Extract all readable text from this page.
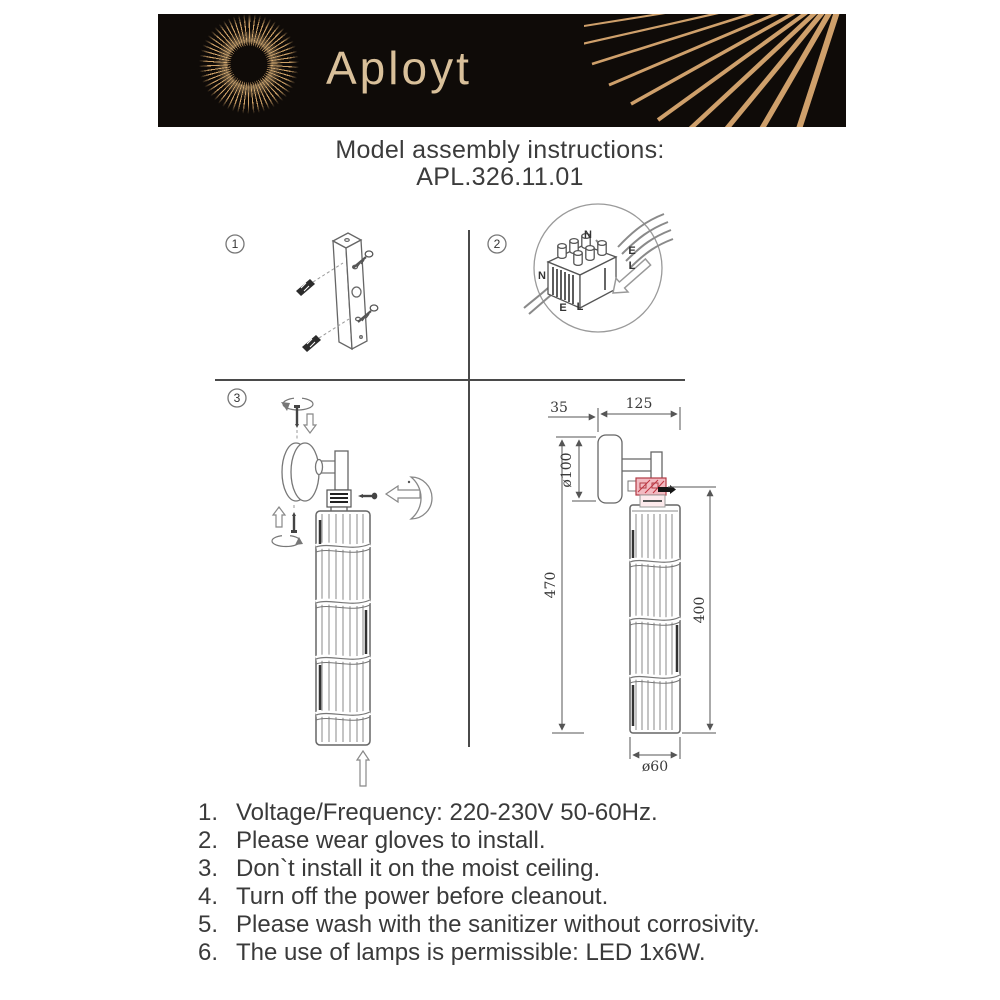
Aployt
Model assembly instructions:
APL.326.11.01
1	2
3
N
E
L
N
E L
35	125
ø100
470
400
ø60
1. Voltage/Frequency: 220-230V 50-60Hz.
2. Please wear gloves to install.
3. Don`t install it on the moist ceiling.
4. Turn off the power before cleanout.
5. Please wash with the sanitizer without corrosivity.
6. The use of lamps is permissible: LED 1x6W.
